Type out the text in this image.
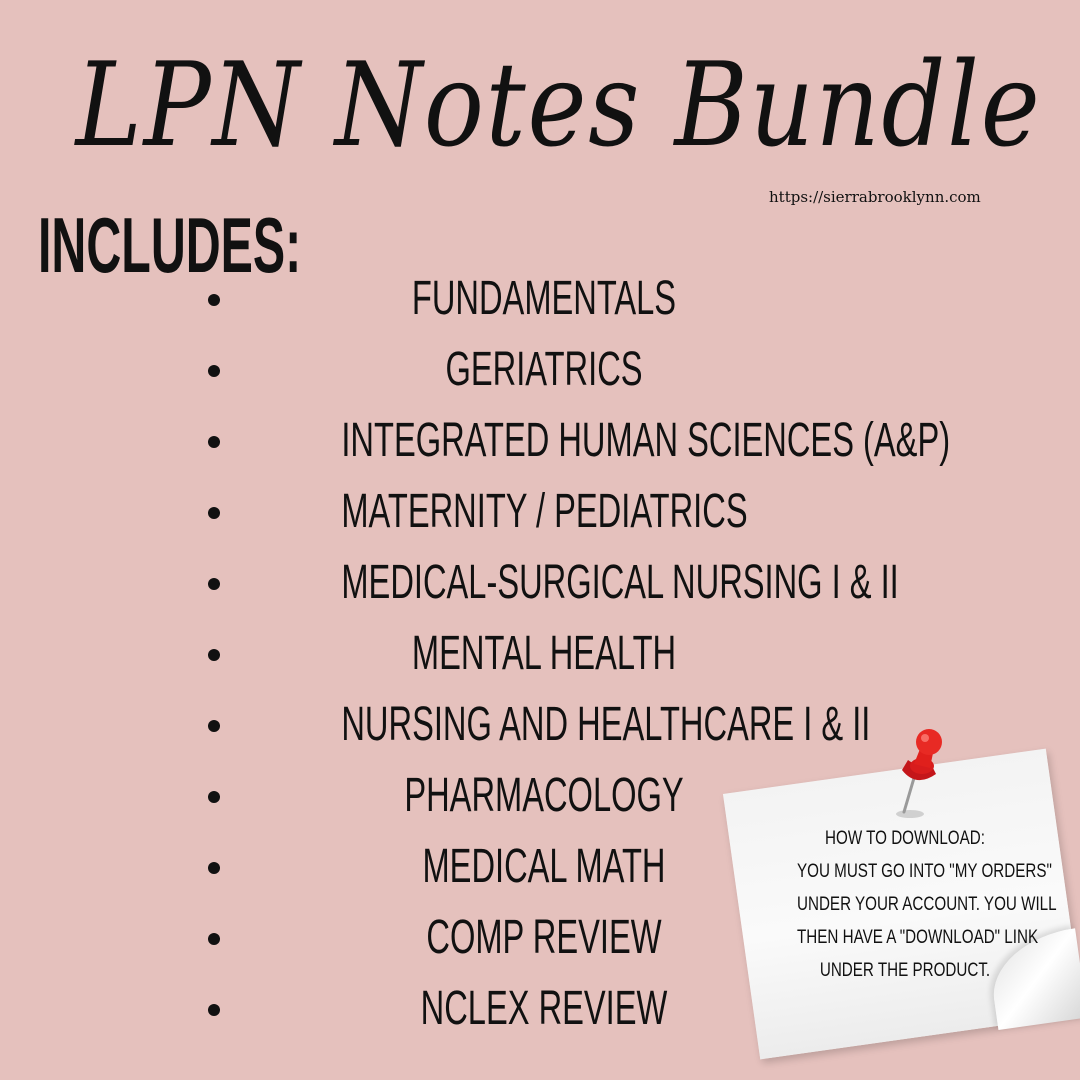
LPN Notes Bundle
https://sierrabrooklynn.com
INCLUDES:
FUNDAMENTALS
GERIATRICS
INTEGRATED HUMAN SCIENCES (A&P)
MATERNITY / PEDIATRICS
MEDICAL-SURGICAL NURSING I & II
MENTAL HEALTH
NURSING AND HEALTHCARE I & II
PHARMACOLOGY
MEDICAL MATH
COMP REVIEW
NCLEX REVIEW
HOW TO DOWNLOAD:
YOU MUST GO INTO "MY ORDERS"
UNDER YOUR ACCOUNT. YOU WILL
THEN HAVE A "DOWNLOAD" LINK
UNDER THE PRODUCT.
